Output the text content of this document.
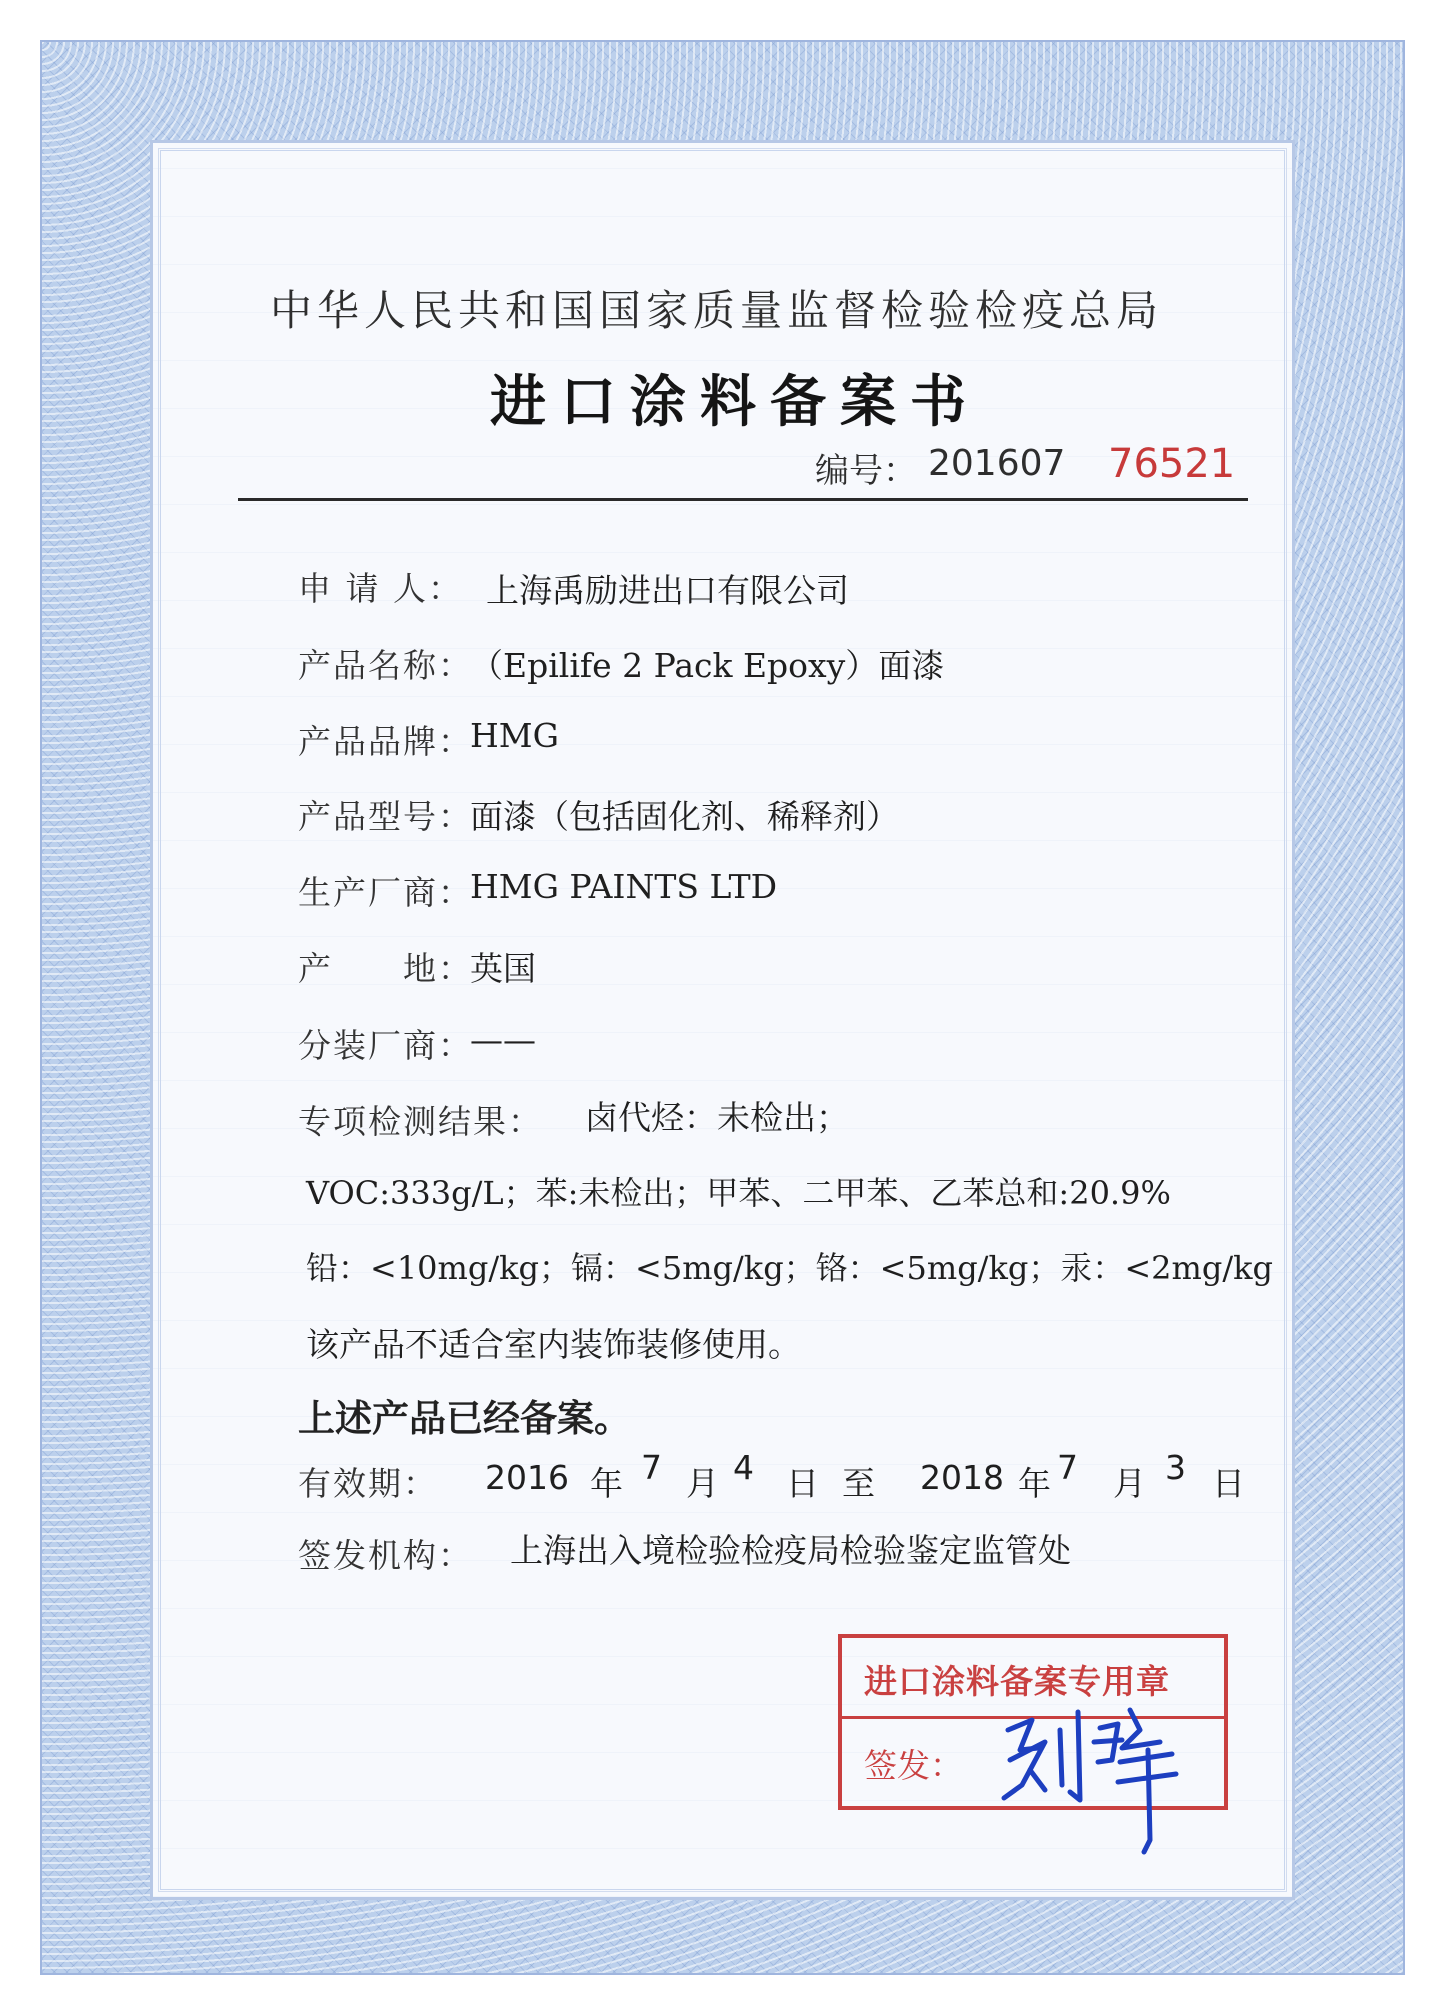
中华人民共和国国家质量监督检验检疫总局
进口涂料备案书
编号： 201607 76521
申 请 人： 上海禹励进出口有限公司
产品名称：
（Epilife 2 Pack Epoxy）面漆
产品品牌：
HMG
产品型号：
面漆（包括固化剂、稀释剂）
生产厂商：
HMG PAINTS LTD
产　　地：
英国
分装厂商：
——
专项检测结果： 卤代烃：未检出；
VOC:333g/L；苯:未检出；甲苯、二甲苯、乙苯总和:20.9%
铅：<10mg/kg；镉：<5mg/kg；铬：<5mg/kg；汞：<2mg/kg
该产品不适合室内装饰装修使用。
上述产品已经备案。
有效期： 2016 年 7 月 4 日 至 2018 年 7 月 3 日
签发机构： 上海出入境检验检疫局检验鉴定监管处
进口涂料备案专用章
签发：
